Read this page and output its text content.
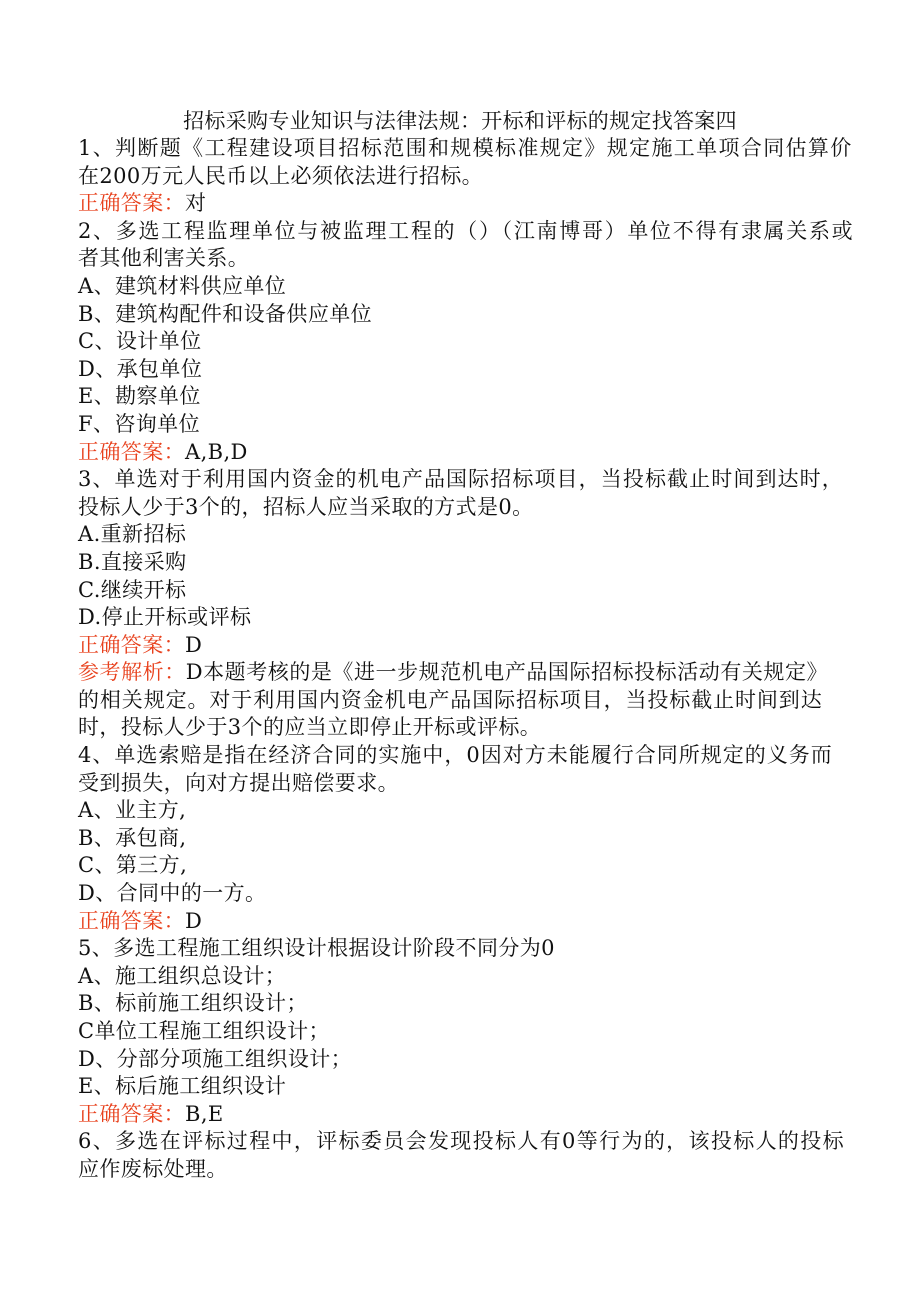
招标采购专业知识与法律法规：开标和评标的规定找答案四
1、判断题《工程建设项目招标范围和规模标准规定》规定施工单项合同估算价
在200万元人民币以上必须依法进行招标。
正确答案：对
2、多选工程监理单位与被监理工程的（）（江南博哥）单位不得有隶属关系或
者其他利害关系。
A、建筑材料供应单位
B、建筑构配件和设备供应单位
C、设计单位
D、承包单位
E、勘察单位
F、咨询单位
正确答案：A,B,D
3、单选对于利用国内资金的机电产品国际招标项目，当投标截止时间到达时，
投标人少于3个的，招标人应当采取的方式是0。
A.重新招标
B.直接采购
C.继续开标
D.停止开标或评标
正确答案：D
参考解析：D本题考核的是《进一步规范机电产品国际招标投标活动有关规定》
的相关规定。对于利用国内资金机电产品国际招标项目，当投标截止时间到达
时，投标人少于3个的应当立即停止开标或评标。
4、单选索赔是指在经济合同的实施中，0因对方未能履行合同所规定的义务而
受到损失，向对方提出赔偿要求。
A、业主方,
B、承包商,
C、第三方,
D、合同中的一方。
正确答案：D
5、多选工程施工组织设计根据设计阶段不同分为0
A、施工组织总设计；
B、标前施工组织设计；
C单位工程施工组织设计；
D、分部分项施工组织设计；
E、标后施工组织设计
正确答案：B,E
6、多选在评标过程中，评标委员会发现投标人有0等行为的，该投标人的投标
应作废标处理。
